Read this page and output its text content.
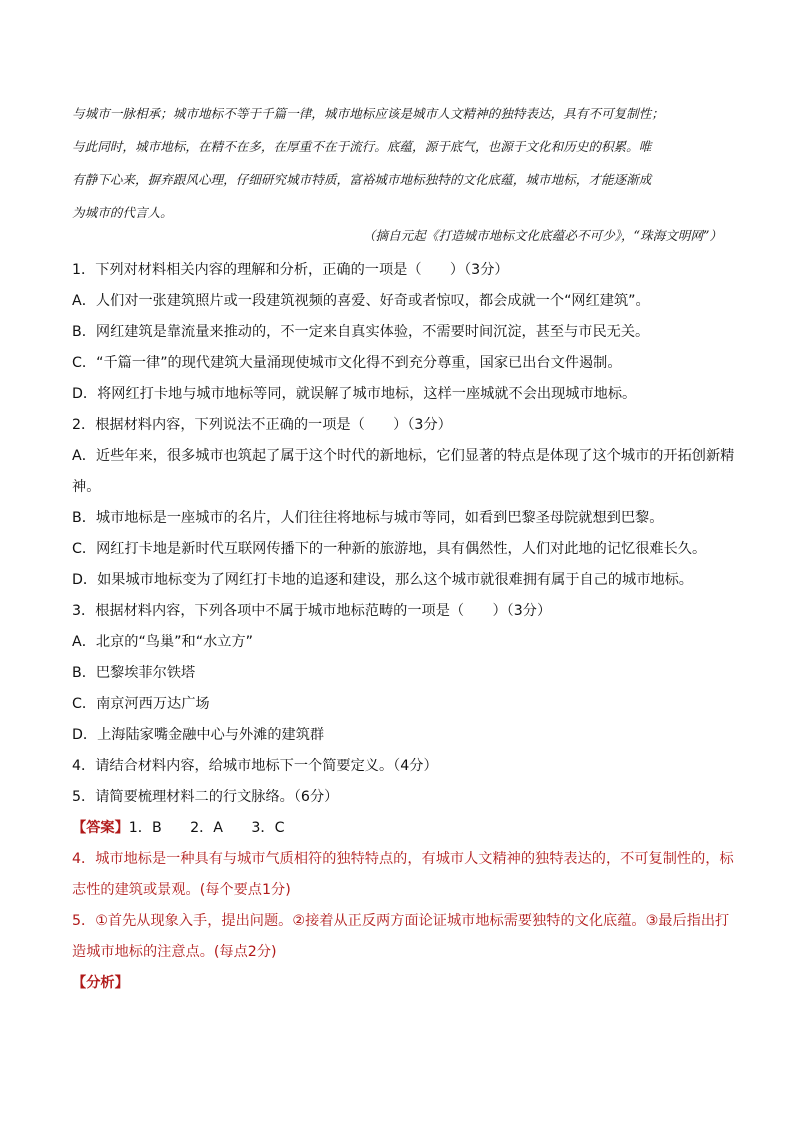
与城市一脉相承；城市地标不等于千篇一律，城市地标应该是城市人文精神的独特表达，具有不可复制性；

与此同时，城市地标，在精不在多，在厚重不在于流行。底蕴，源于底气，也源于文化和历史的积累。唯

有静下心来，摒弃跟风心理，仔细研究城市特质，富裕城市地标独特的文化底蕴，城市地标，才能逐渐成

为城市的代言人。

（摘自元起《打造城市地标文化底蕴必不可少》，“珠海文明网”）

1．下列对材料相关内容的理解和分析，正确的一项是（　　）（3分）

A．人们对一张建筑照片或一段建筑视频的喜爱、好奇或者惊叹，都会成就一个“网红建筑”。

B．网红建筑是靠流量来推动的，不一定来自真实体验，不需要时间沉淀，甚至与市民无关。

C．“千篇一律”的现代建筑大量涌现使城市文化得不到充分尊重，国家已出台文件遏制。

D．将网红打卡地与城市地标等同，就误解了城市地标，这样一座城就不会出现城市地标。

2．根据材料内容，下列说法不正确的一项是（　　）（3分）

A．近些年来，很多城市也筑起了属于这个时代的新地标，它们显著的特点是体现了这个城市的开拓创新精

神。

B．城市地标是一座城市的名片，人们往往将地标与城市等同，如看到巴黎圣母院就想到巴黎。

C．网红打卡地是新时代互联网传播下的一种新的旅游地，具有偶然性，人们对此地的记忆很难长久。

D．如果城市地标变为了网红打卡地的追逐和建设，那么这个城市就很难拥有属于自己的城市地标。

3．根据材料内容，下列各项中不属于城市地标范畴的一项是（　　）（3分）

A．北京的“鸟巢”和“水立方”

B．巴黎埃菲尔铁塔

C．南京河西万达广场

D．上海陆家嘴金融中心与外滩的建筑群

4．请结合材料内容，给城市地标下一个简要定义。（4分）

5．请简要梳理材料二的行文脉络。（6分）

【答案】1．B　　2．A　　3．C

4．城市地标是一种具有与城市气质相符的独特特点的，有城市人文精神的独特表达的，不可复制性的，标

志性的建筑或景观。(每个要点1分)

5．①首先从现象入手，提出问题。②接着从正反两方面论证城市地标需要独特的文化底蕴。③最后指出打

造城市地标的注意点。(每点2分)

【分析】
